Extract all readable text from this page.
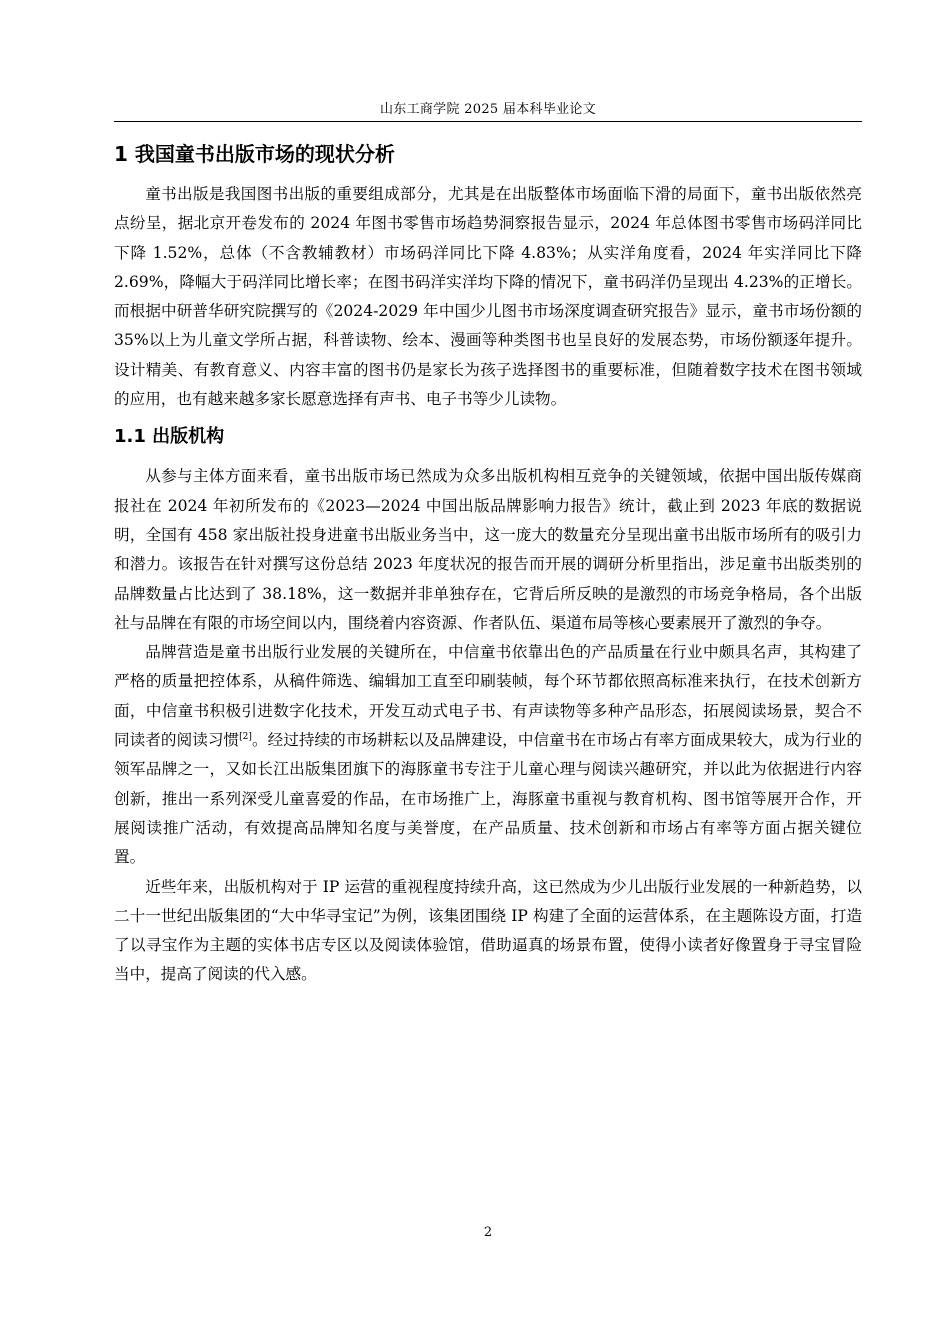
山东工商学院 2025 届本科毕业论文
1 我国童书出版市场的现状分析

童书出版是我国图书出版的重要组成部分，尤其是在出版整体市场面临下滑的局面下，童书出版依然亮点纷呈，据北京开卷发布的 2024 年图书零售市场趋势洞察报告显示，2024 年总体图书零售市场码洋同比下降 1.52%，总体（不含教辅教材）市场码洋同比下降 4.83%；从实洋角度看，2024 年实洋同比下降 2.69%，降幅大于码洋同比增长率；在图书码洋实洋均下降的情况下，童书码洋仍呈现出 4.23%的正增长。而根据中研普华研究院撰写的《2024-2029 年中国少儿图书市场深度调查研究报告》显示，童书市场份额的 35%以上为儿童文学所占据，科普读物、绘本、漫画等种类图书也呈良好的发展态势，市场份额逐年提升。设计精美、有教育意义、内容丰富的图书仍是家长为孩子选择图书的重要标准，但随着数字技术在图书领域的应用，也有越来越多家长愿意选择有声书、电子书等少儿读物。

1.1 出版机构

从参与主体方面来看，童书出版市场已然成为众多出版机构相互竞争的关键领域，依据中国出版传媒商报社在 2024 年初所发布的《2023—2024 中国出版品牌影响力报告》统计，截止到 2023 年底的数据说明，全国有 458 家出版社投身进童书出版业务当中，这一庞大的数量充分呈现出童书出版市场所有的吸引力和潜力。该报告在针对撰写这份总结 2023 年度状况的报告而开展的调研分析里指出，涉足童书出版类别的品牌数量占比达到了 38.18%，这一数据并非单独存在，它背后所反映的是激烈的市场竞争格局，各个出版社与品牌在有限的市场空间以内，围绕着内容资源、作者队伍、渠道布局等核心要素展开了激烈的争夺。

品牌营造是童书出版行业发展的关键所在，中信童书依靠出色的产品质量在行业中颇具名声，其构建了严格的质量把控体系，从稿件筛选、编辑加工直至印刷装帧，每个环节都依照高标准来执行，在技术创新方面，中信童书积极引进数字化技术，开发互动式电子书、有声读物等多种产品形态，拓展阅读场景，契合不同读者的阅读习惯[2]。经过持续的市场耕耘以及品牌建设，中信童书在市场占有率方面成果较大，成为行业的领军品牌之一，又如长江出版集团旗下的海豚童书专注于儿童心理与阅读兴趣研究，并以此为依据进行内容创新，推出一系列深受儿童喜爱的作品，在市场推广上，海豚童书重视与教育机构、图书馆等展开合作，开展阅读推广活动，有效提高品牌知名度与美誉度，在产品质量、技术创新和市场占有率等方面占据关键位置。

近些年来，出版机构对于 IP 运营的重视程度持续升高，这已然成为少儿出版行业发展的一种新趋势，以二十一世纪出版集团的“大中华寻宝记”为例，该集团围绕 IP 构建了全面的运营体系，在主题陈设方面，打造了以寻宝作为主题的实体书店专区以及阅读体验馆，借助逼真的场景布置，使得小读者好像置身于寻宝冒险当中，提高了阅读的代入感。

2
